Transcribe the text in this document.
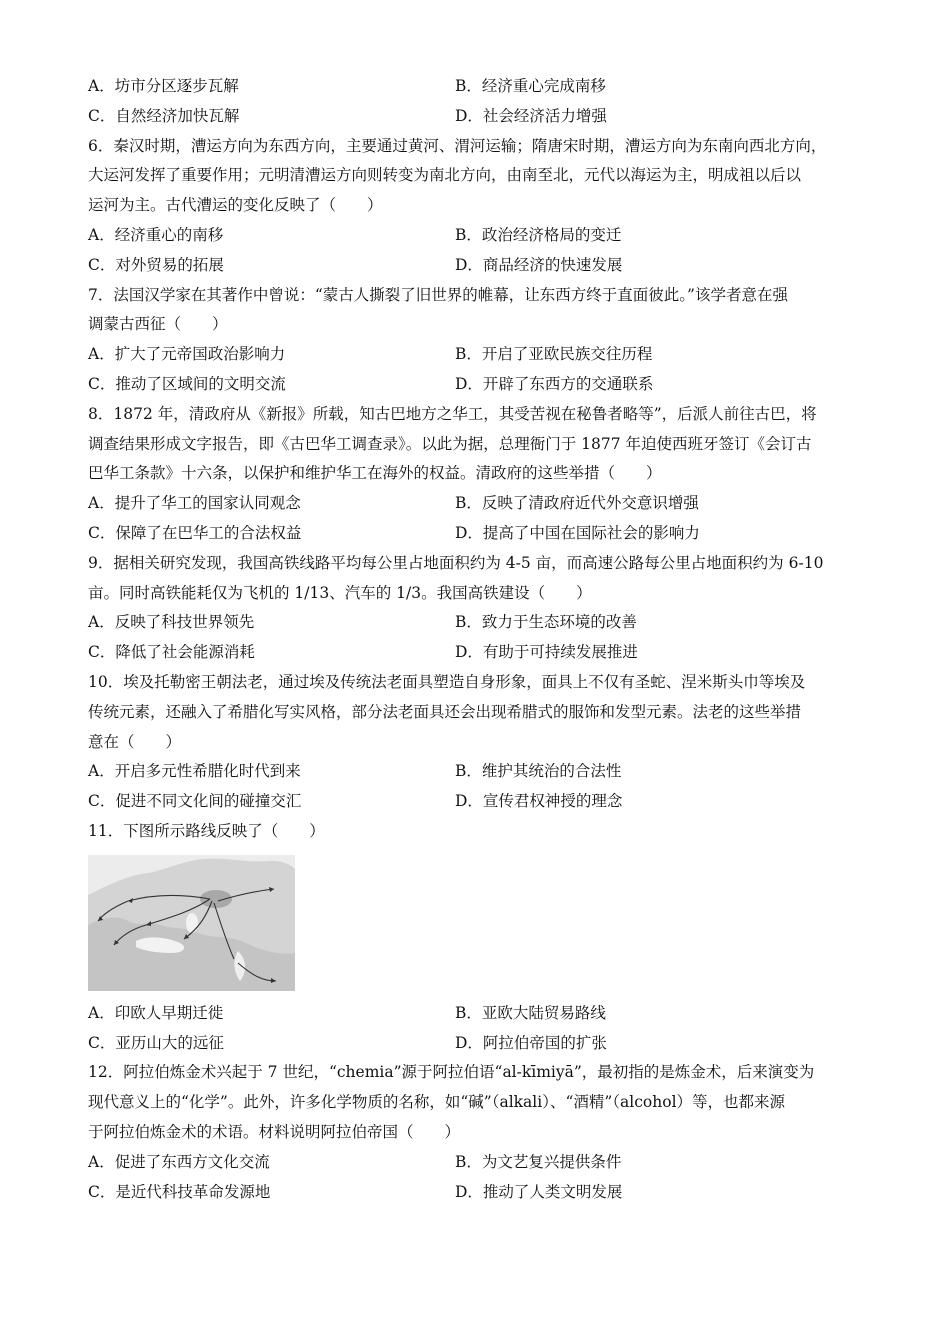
A．坊市分区逐步瓦解	B．经济重心完成南移
C．自然经济加快瓦解	D．社会经济活力增强
6．秦汉时期，漕运方向为东西方向，主要通过黄河、渭河运输；隋唐宋时期，漕运方向为东南向西北方向，
大运河发挥了重要作用；元明清漕运方向则转变为南北方向，由南至北，元代以海运为主，明成祖以后以
运河为主。古代漕运的变化反映了（　　）
A．经济重心的南移	B．政治经济格局的变迁
C．对外贸易的拓展	D．商品经济的快速发展
7．法国汉学家在其著作中曾说：“蒙古人撕裂了旧世界的帷幕，让东西方终于直面彼此。”该学者意在强
调蒙古西征（　　）
A．扩大了元帝国政治影响力	B．开启了亚欧民族交往历程
C．推动了区域间的文明交流	D．开辟了东西方的交通联系
8．1872 年，清政府从《新报》所载，知古巴地方之华工，其受苦视在秘鲁者略等”，后派人前往古巴，将
调查结果形成文字报告，即《古巴华工调查录》。以此为据，总理衙门于 1877 年迫使西班牙签订《会订古
巴华工条款》十六条，以保护和维护华工在海外的权益。清政府的这些举措（　　）
A．提升了华工的国家认同观念	B．反映了清政府近代外交意识增强
C．保障了在巴华工的合法权益	D．提高了中国在国际社会的影响力
9．据相关研究发现，我国高铁线路平均每公里占地面积约为 4-5 亩，而高速公路每公里占地面积约为 6-10
亩。同时高铁能耗仅为飞机的 1/13、汽车的 1/3。我国高铁建设（　　）
A．反映了科技世界领先	B．致力于生态环境的改善
C．降低了社会能源消耗	D．有助于可持续发展推进
10．埃及托勒密王朝法老，通过埃及传统法老面具塑造自身形象，面具上不仅有圣蛇、涅米斯头巾等埃及
传统元素，还融入了希腊化写实风格，部分法老面具还会出现希腊式的服饰和发型元素。法老的这些举措
意在（　　）
A．开启多元性希腊化时代到来	B．维护其统治的合法性
C．促进不同文化间的碰撞交汇	D．宣传君权神授的理念
11．下图所示路线反映了（　　）
A．印欧人早期迁徙	B．亚欧大陆贸易路线
C．亚历山大的远征	D．阿拉伯帝国的扩张
12．阿拉伯炼金术兴起于 7 世纪，“chemia”源于阿拉伯语“al-kīmiyā”，最初指的是炼金术，后来演变为
现代意义上的“化学”。此外，许多化学物质的名称，如“碱”（alkali）、“酒精”（alcohol）等，也都来源
于阿拉伯炼金术的术语。材料说明阿拉伯帝国（　　）
A．促进了东西方文化交流	B．为文艺复兴提供条件
C．是近代科技革命发源地	D．推动了人类文明发展
